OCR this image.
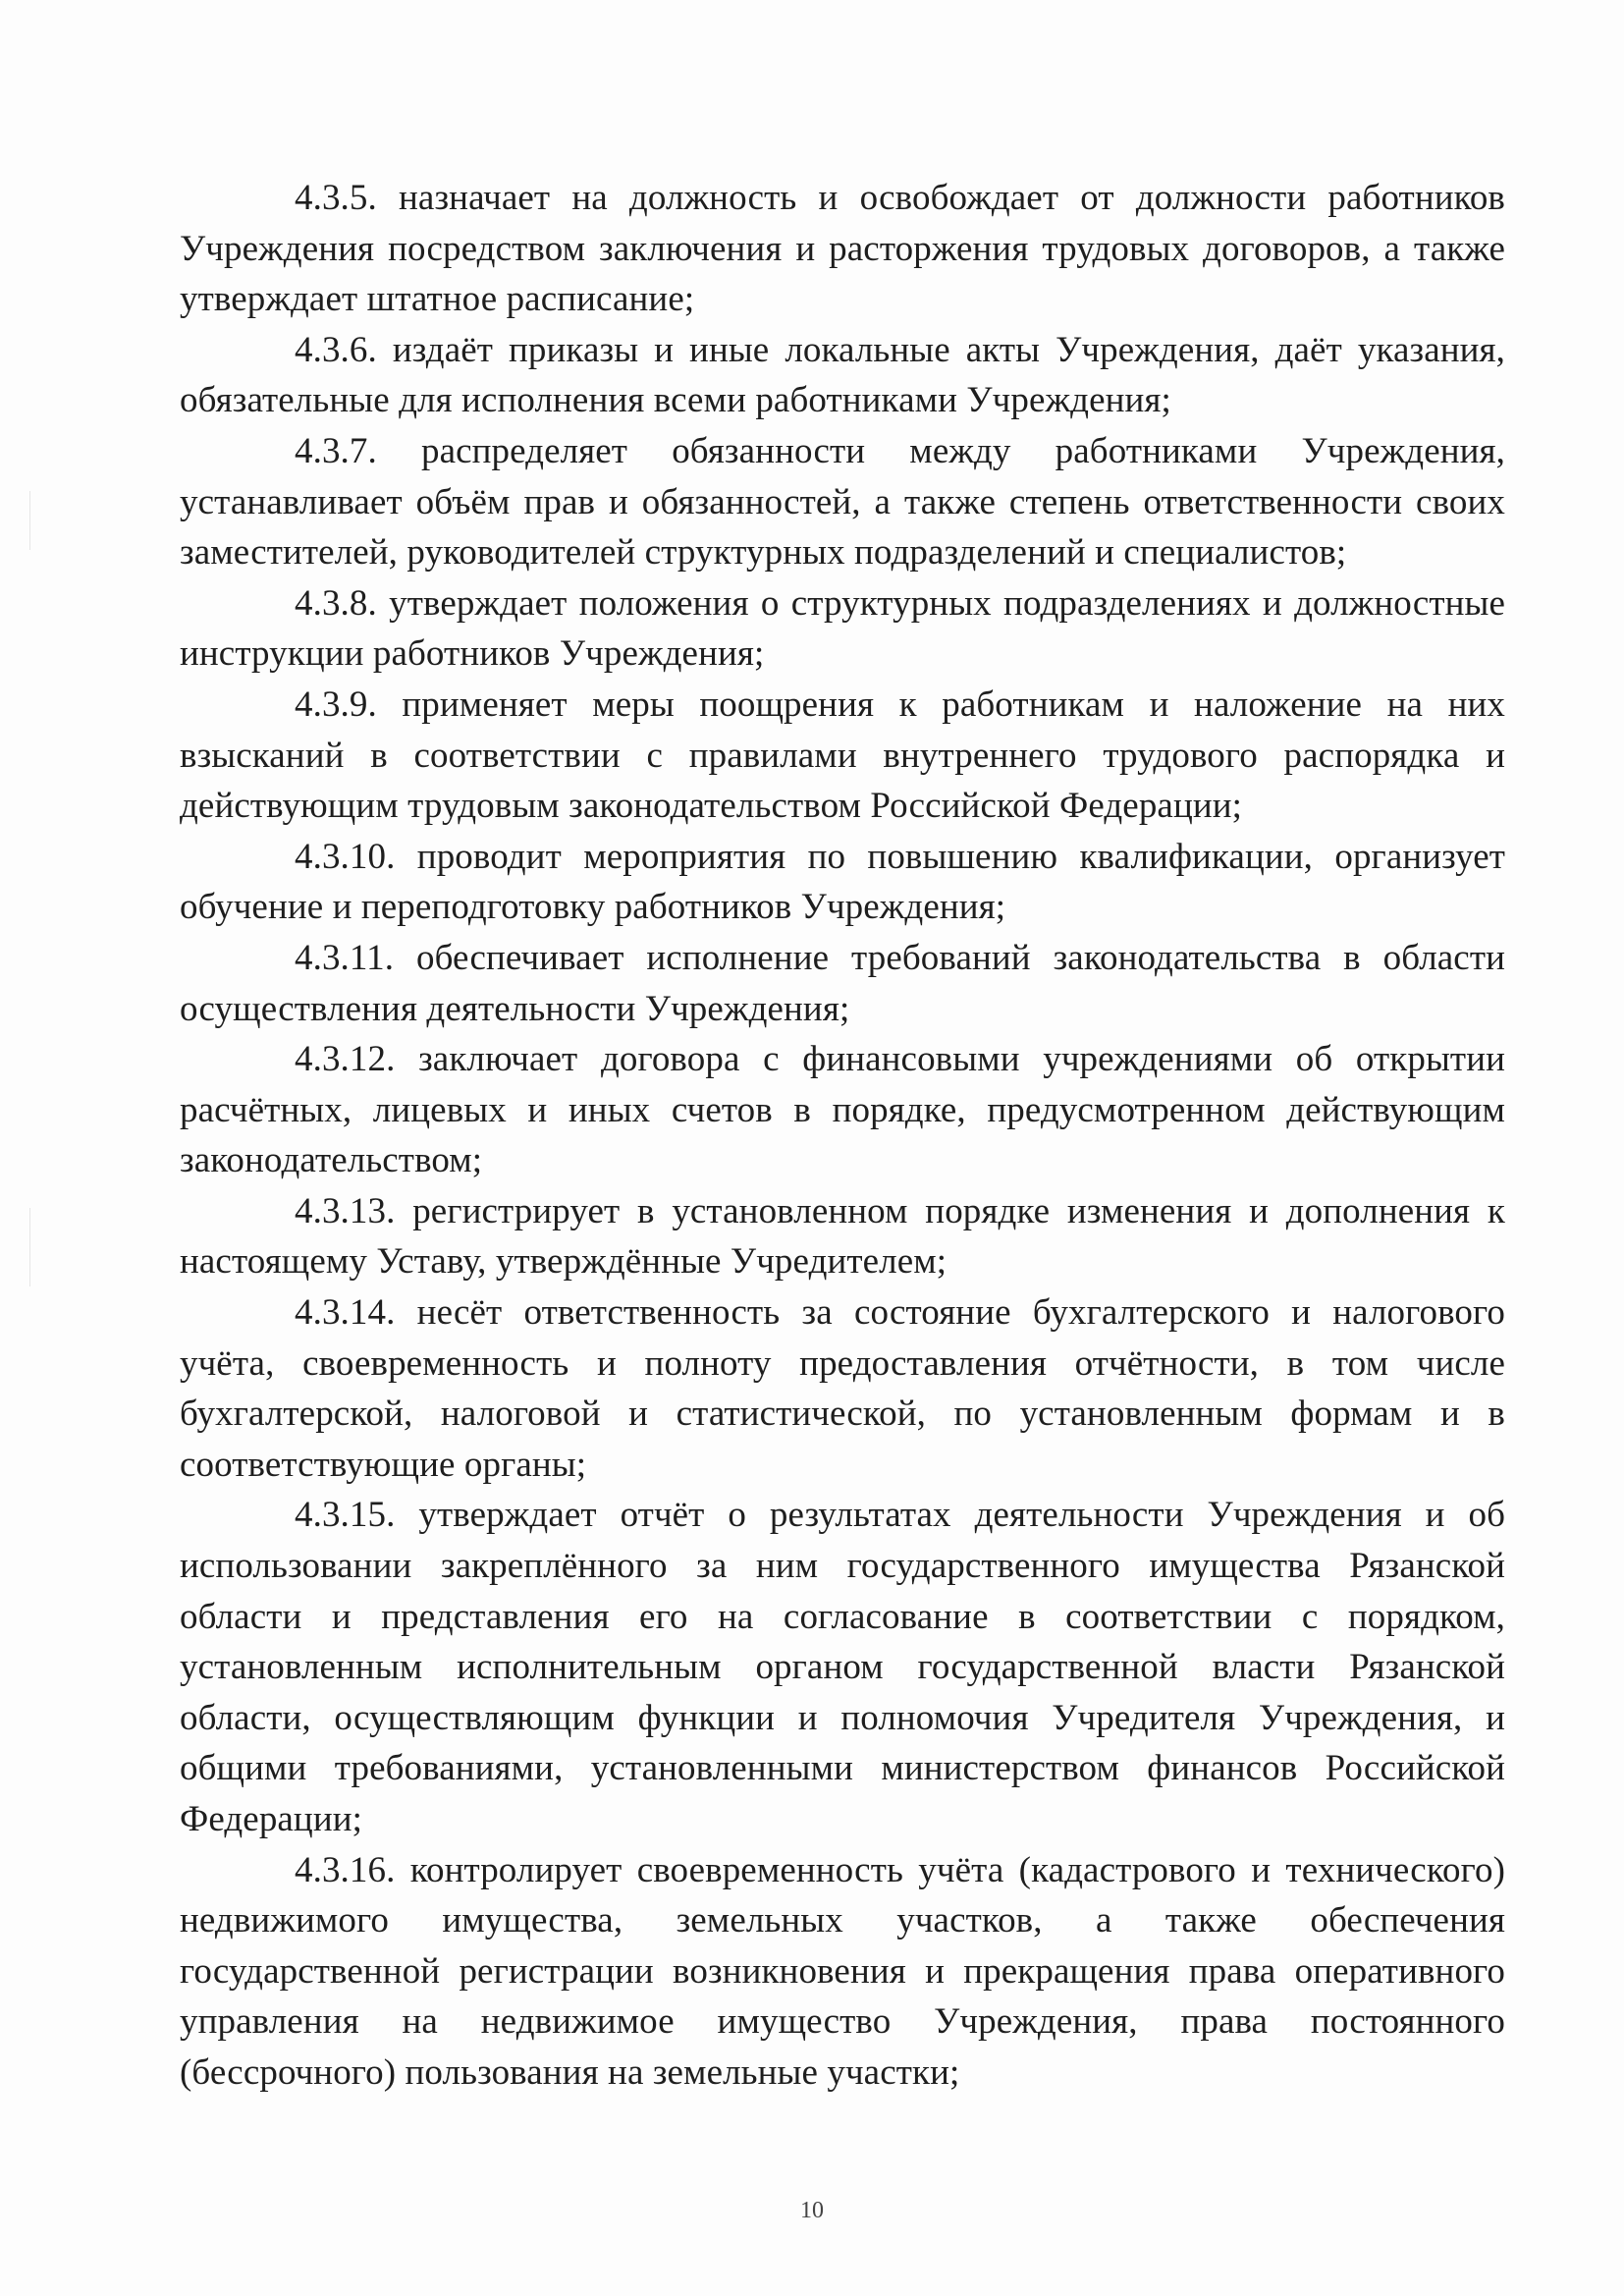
4.3.5. назначает на должность и освобождает от должности работников Учреждения посредством заключения и расторжения трудовых договоров, а также утверждает штатное расписание;

4.3.6. издаёт приказы и иные локальные акты Учреждения, даёт указания, обязательные для исполнения всеми работниками Учреждения;

4.3.7. распределяет обязанности между работниками Учреждения, устанавливает объём прав и обязанностей, а также степень ответственности своих заместителей, руководителей структурных подразделений и специалистов;

4.3.8. утверждает положения о структурных подразделениях и должностные инструкции работников Учреждения;

4.3.9. применяет меры поощрения к работникам и наложение на них взысканий в соответствии с правилами внутреннего трудового распорядка и действующим трудовым законодательством Российской Федерации;

4.3.10. проводит мероприятия по повышению квалификации, организует обучение и переподготовку работников Учреждения;

4.3.11. обеспечивает исполнение требований законодательства в области осуществления деятельности Учреждения;

4.3.12. заключает договора с финансовыми учреждениями об открытии расчётных, лицевых и иных счетов в порядке, предусмотренном действующим законодательством;

4.3.13. регистрирует в установленном порядке изменения и дополнения к настоящему Уставу, утверждённые Учредителем;

4.3.14. несёт ответственность за состояние бухгалтерского и налогового учёта, своевременность и полноту предоставления отчётности, в том числе бухгалтерской, налоговой и статистической, по установленным формам и в соответствующие органы;

4.3.15. утверждает отчёт о результатах деятельности Учреждения и об использовании закреплённого за ним государственного имущества Рязанской области и представления его на согласование в соответствии с порядком, установленным исполнительным органом государственной власти Рязанской области, осуществляющим функции и полномочия Учредителя Учреждения, и общими требованиями, установленными министерством финансов Российской Федерации;

4.3.16. контролирует своевременность учёта (кадастрового и технического) недвижимого имущества, земельных участков, а также обеспечения государственной регистрации возникновения и прекращения права оперативного управления на недвижимое имущество Учреждения, права постоянного (бессрочного) пользования на земельные участки;

10
